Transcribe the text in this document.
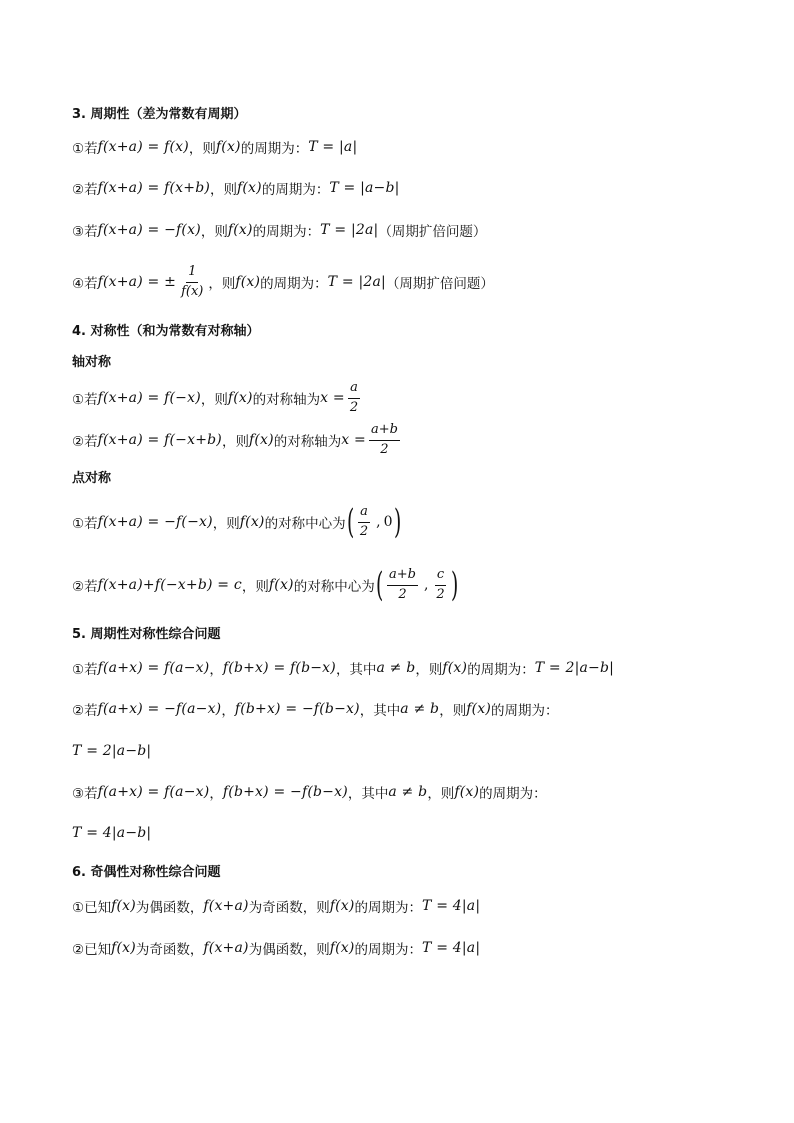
3. 周期性（差为常数有周期）
①若 f(x+a) = f(x) ，则 f(x) 的周期为： T = |a|
②若 f(x+a) = f(x+b) ，则 f(x) 的周期为： T = |a−b|
③若 f(x+a) = −f(x) ，则 f(x) 的周期为： T = |2a| （周期扩倍问题）
④若 f(x+a) = ± $\frac{1}{f(x)}$ ，则 f(x) 的周期为： T = |2a| （周期扩倍问题）
4. 对称性（和为常数有对称轴）
轴对称
①若 f(x+a) = f(−x) ，则 f(x) 的对称轴为 $x = \frac{a}{2}$
②若 f(x+a) = f(−x+b) ，则 f(x) 的对称轴为 $x = \frac{a+b}{2}$
点对称
①若 f(x+a) = −f(−x) ，则 f(x) 的对称中心为 ( $\frac{a}{2}$ , 0 )
②若 f(x+a)+f(−x+b) = c ，则 f(x) 的对称中心为 ( $\frac{a+b}{2}$ , $\frac{c}{2}$ )
5. 周期性对称性综合问题
①若 f(a+x) = f(a−x) ， f(b+x) = f(b−x) ，其中 a ≠ b ，则 f(x) 的周期为： T = 2|a−b|
②若 f(a+x) = −f(a−x) ， f(b+x) = −f(b−x) ，其中 a ≠ b ，则 f(x) 的周期为：
T = 2|a−b|
③若 f(a+x) = f(a−x) ， f(b+x) = −f(b−x) ，其中 a ≠ b ，则 f(x) 的周期为：
T = 4|a−b|
6. 奇偶性对称性综合问题
①已知 f(x) 为偶函数， f(x+a) 为奇函数，则 f(x) 的周期为： T = 4|a|
②已知 f(x) 为奇函数， f(x+a) 为偶函数，则 f(x) 的周期为： T = 4|a|
